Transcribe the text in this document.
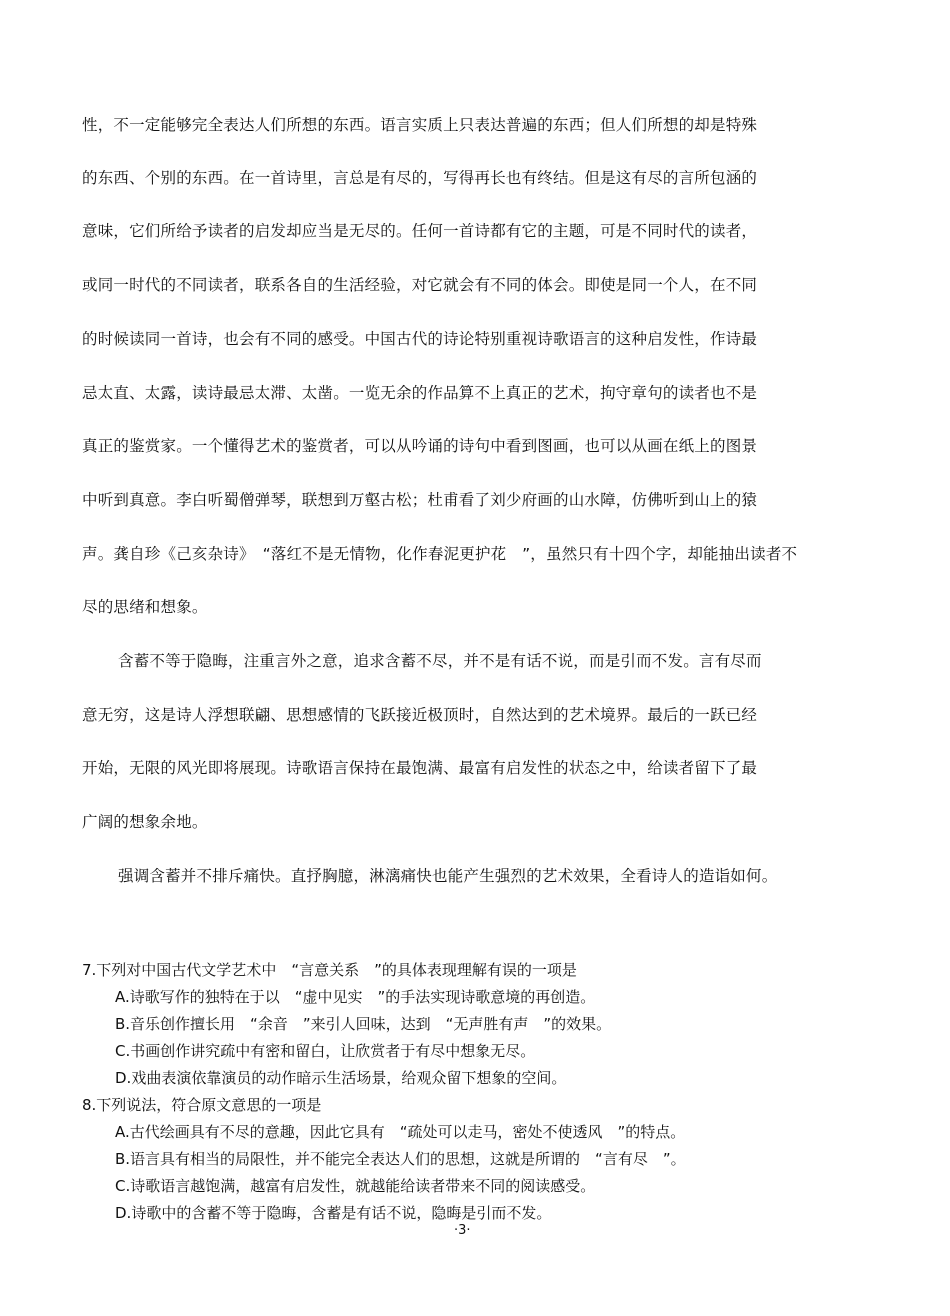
性，不一定能够完全表达人们所想的东西。语言实质上只表达普遍的东西；但人们所想的却是特殊
的东西、个别的东西。在一首诗里，言总是有尽的，写得再长也有终结。但是这有尽的言所包涵的
意味，它们所给予读者的启发却应当是无尽的。任何一首诗都有它的主题，可是不同时代的读者，
或同一时代的不同读者，联系各自的生活经验，对它就会有不同的体会。即使是同一个人，在不同
的时候读同一首诗，也会有不同的感受。中国古代的诗论特别重视诗歌语言的这种启发性，作诗最
忌太直、太露，读诗最忌太滞、太凿。一览无余的作品算不上真正的艺术，拘守章句的读者也不是
真正的鉴赏家。一个懂得艺术的鉴赏者，可以从吟诵的诗句中看到图画，也可以从画在纸上的图景
中听到真意。李白听蜀僧弹琴，联想到万壑古松；杜甫看了刘少府画的山水障，仿佛听到山上的猿
声。龚自珍《己亥杂诗》　“落红不是无情物，化作春泥更护花　”，虽然只有十四个字，却能抽出读者不
尽的思绪和想象。
含蓄不等于隐晦，注重言外之意，追求含蓄不尽，并不是有话不说，而是引而不发。言有尽而
意无穷，这是诗人浮想联翩、思想感情的飞跃接近极顶时，自然达到的艺术境界。最后的一跃已经
开始，无限的风光即将展现。诗歌语言保持在最饱满、最富有启发性的状态之中，给读者留下了最
广阔的想象余地。
强调含蓄并不排斥痛快。直抒胸臆，淋漓痛快也能产生强烈的艺术效果，全看诗人的造诣如何。
7.下列对中国古代文学艺术中　“言意关系　”的具体表现理解有误的一项是
A.诗歌写作的独特在于以　“虚中见实　”的手法实现诗歌意境的再创造。
B.音乐创作擅长用　“余音　”来引人回味，达到　“无声胜有声　”的效果。
C.书画创作讲究疏中有密和留白，让欣赏者于有尽中想象无尽。
D.戏曲表演依靠演员的动作暗示生活场景，给观众留下想象的空间。
8.下列说法，符合原文意思的一项是
A.古代绘画具有不尽的意趣，因此它具有　“疏处可以走马，密处不使透风　”的特点。
B.语言具有相当的局限性，并不能完全表达人们的思想，这就是所谓的　“言有尽　”。
C.诗歌语言越饱满，越富有启发性，就越能给读者带来不同的阅读感受。
D.诗歌中的含蓄不等于隐晦，含蓄是有话不说，隐晦是引而不发。
·3·
